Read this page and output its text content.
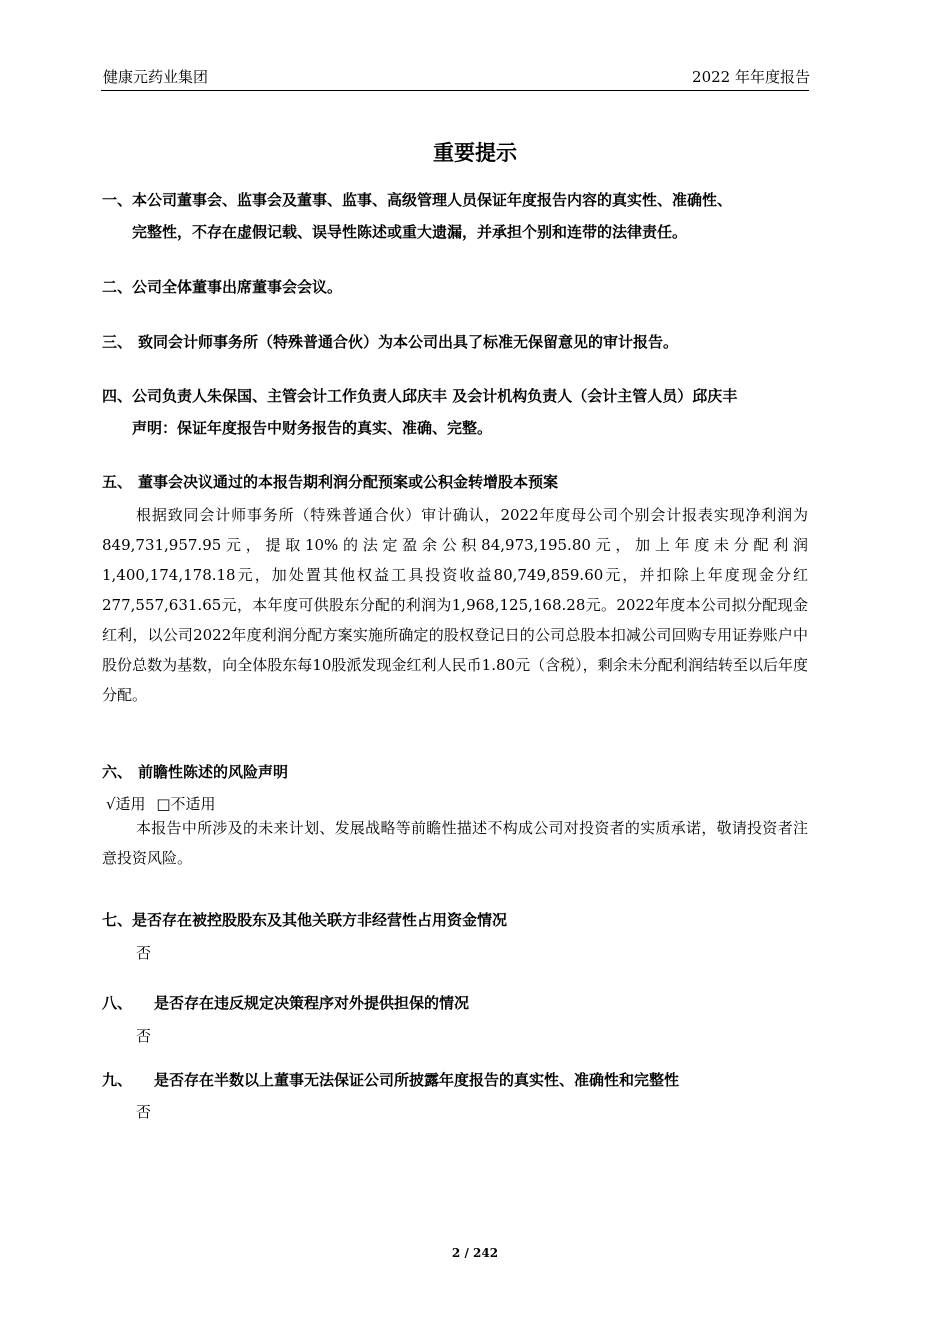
健康元药业集团	2022 年年度报告
重要提示
一、本公司董事会、监事会及董事、监事、高级管理人员保证年度报告内容的真实性、准确性、
完整性，不存在虚假记载、误导性陈述或重大遗漏，并承担个别和连带的法律责任。
二、公司全体董事出席董事会会议。
三、 致同会计师事务所（特殊普通合伙）为本公司出具了标准无保留意见的审计报告。
四、公司负责人朱保国、主管会计工作负责人邱庆丰 及会计机构负责人（会计主管人员）邱庆丰
声明：保证年度报告中财务报告的真实、准确、完整。
五、 董事会决议通过的本报告期利润分配预案或公积金转增股本预案
根据致同会计师事务所（特殊普通合伙）审计确认，2022年度母公司个别会计报表实现净利润为849,731,957.95元，提取10%的法定盈余公积84,973,195.80元，加上年度未分配利润1,400,174,178.18元，加处置其他权益工具投资收益80,749,859.60元，并扣除上年度现金分红277,557,631.65元，本年度可供股东分配的利润为1,968,125,168.28元。2022年度本公司拟分配现金红利，以公司2022年度利润分配方案实施所确定的股权登记日的公司总股本扣减公司回购专用证券账户中股份总数为基数，向全体股东每10股派发现金红利人民币1.80元（含税），剩余未分配利润结转至以后年度分配。
六、 前瞻性陈述的风险声明
√适用 □不适用
本报告中所涉及的未来计划、发展战略等前瞻性描述不构成公司对投资者的实质承诺，敬请投资者注意投资风险。
七、是否存在被控股股东及其他关联方非经营性占用资金情况
否
八、 是否存在违反规定决策程序对外提供担保的情况
否
九、 是否存在半数以上董事无法保证公司所披露年度报告的真实性、准确性和完整性
否
2 / 242
